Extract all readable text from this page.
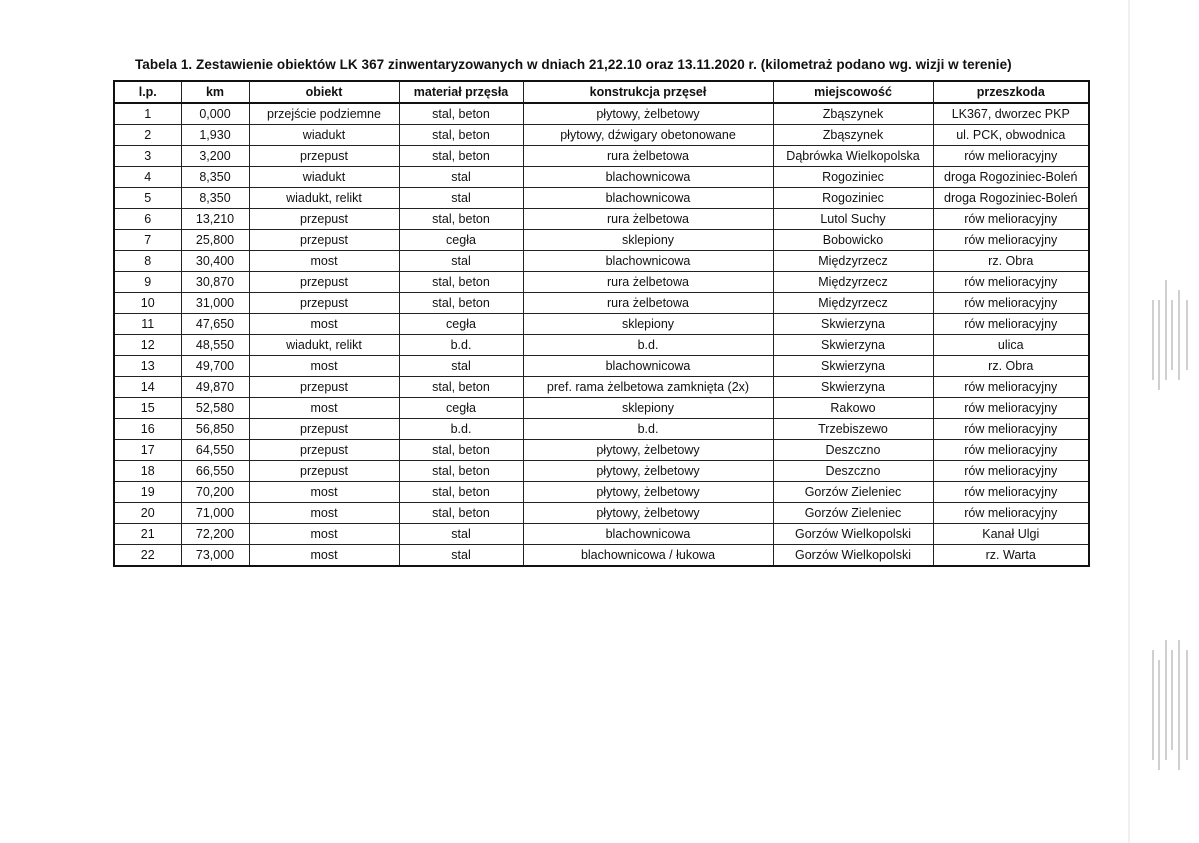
Tabela 1. Zestawienie obiektów LK 367 zinwentaryzowanych w dniach 21,22.10 oraz 13.11.2020 r. (kilometraż podano wg. wizji w terenie)
l.p.	km	obiekt	materiał przęsła	konstrukcja przęseł	miejscowość	przeszkoda
1	0,000	przejście podziemne	stal, beton	płytowy, żelbetowy	Zbąszynek	LK367, dworzec PKP
2	1,930	wiadukt	stal, beton	płytowy, dźwigary obetonowane	Zbąszynek	ul. PCK, obwodnica
3	3,200	przepust	stal, beton	rura żelbetowa	Dąbrówka Wielkopolska	rów melioracyjny
4	8,350	wiadukt	stal	blachownicowa	Rogoziniec	droga Rogoziniec-Boleń
5	8,350	wiadukt, relikt	stal	blachownicowa	Rogoziniec	droga Rogoziniec-Boleń
6	13,210	przepust	stal, beton	rura żelbetowa	Lutol Suchy	rów melioracyjny
7	25,800	przepust	cegła	sklepiony	Bobowicko	rów melioracyjny
8	30,400	most	stal	blachownicowa	Międzyrzecz	rz. Obra
9	30,870	przepust	stal, beton	rura żelbetowa	Międzyrzecz	rów melioracyjny
10	31,000	przepust	stal, beton	rura żelbetowa	Międzyrzecz	rów melioracyjny
11	47,650	most	cegła	sklepiony	Skwierzyna	rów melioracyjny
12	48,550	wiadukt, relikt	b.d.	b.d.	Skwierzyna	ulica
13	49,700	most	stal	blachownicowa	Skwierzyna	rz. Obra
14	49,870	przepust	stal, beton	pref. rama żelbetowa zamknięta (2x)	Skwierzyna	rów melioracyjny
15	52,580	most	cegła	sklepiony	Rakowo	rów melioracyjny
16	56,850	przepust	b.d.	b.d.	Trzebiszewo	rów melioracyjny
17	64,550	przepust	stal, beton	płytowy, żelbetowy	Deszczno	rów melioracyjny
18	66,550	przepust	stal, beton	płytowy, żelbetowy	Deszczno	rów melioracyjny
19	70,200	most	stal, beton	płytowy, żelbetowy	Gorzów Zieleniec	rów melioracyjny
20	71,000	most	stal, beton	płytowy, żelbetowy	Gorzów Zieleniec	rów melioracyjny
21	72,200	most	stal	blachownicowa	Gorzów Wielkopolski	Kanał Ulgi
22	73,000	most	stal	blachownicowa / łukowa	Gorzów Wielkopolski	rz. Warta
